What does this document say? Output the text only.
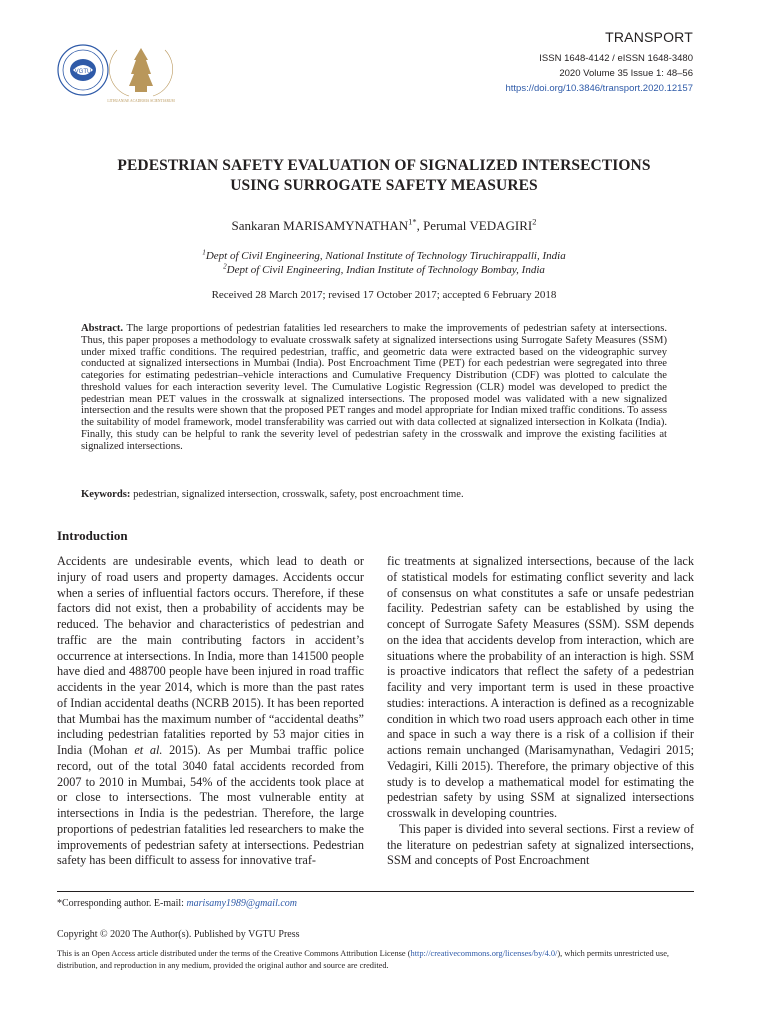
VGTU
LITHUANIAE ACADEMIA SCIENTIARUM
TRANSPORT
ISSN 1648-4142 / eISSN 1648-3480
2020 Volume 35 Issue 1: 48–56
https://doi.org/10.3846/transport.2020.12157
PEDESTRIAN SAFETY EVALUATION OF SIGNALIZED INTERSECTIONS
USING SURROGATE SAFETY MEASURES
Sankaran $MARISAMYNATHAN^{1*}$, Perumal VEDAGIRI$^2$
$^1$Dept of Civil Engineering, National Institute of Technology Tiruchirappalli, India
$^2$Dept of Civil Engineering, Indian Institute of Technology Bombay, India
Received 28 March 2017; revised 17 October 2017; accepted 6 February 2018
Abstract. The large proportions of pedestrian fatalities led researchers to make the improvements of pedestrian safety at intersections. Thus, this paper proposes a methodology to evaluate crosswalk safety at signalized intersections using Surrogate Safety Measures (SSM) under mixed traffic conditions. The required pedestrian, traffic, and geometric data were extracted based on the videographic survey conducted at signalized intersections in Mumbai (India). Post Encroachment Time (PET) for each pedestrian were segregated into three categories for estimating pedestrian–vehicle interactions and Cumulative Frequency Distribution (CDF) was plotted to calculate the threshold values for each interaction severity level. The Cumulative Logistic Regression (CLR) model was developed to predict the pedestrian mean PET values in the crosswalk at signalized intersections. The proposed model was validated with a new signalized intersection and the results were shown that the proposed PET ranges and model appropriate for Indian mixed traffic conditions. To assess the suitability of model framework, model transferability was carried out with data collected at signalized intersection in Kolkata (India). Finally, this study can be helpful to rank the severity level of pedestrian safety in the crosswalk and improve the existing facilities at signalized intersections.
Keywords: pedestrian, signalized intersection, crosswalk, safety, post encroachment time.
Introduction

Accidents are undesirable events, which lead to death or injury of road users and property damages. Accidents occur when a series of influential factors occurs. Therefore, if these factors did not exist, then a probability of accidents may be reduced. The behavior and characteristics of pedestrian and traffic are the main contributing factors in accident’s occurrence at intersections. In India, more than 141500 people have died and 488700 people have been injured in road traffic accidents in the year 2014, which is more than the past rates of Indian accidental deaths (NCRB 2015). It has been reported that Mumbai has the maximum number of “accidental deaths” including pedestrian fatalities reported by 53 major cities in India (Mohan et al. 2015). As per Mumbai traffic police record, out of the total 3040 fatal accidents recorded from 2007 to 2010 in Mumbai, 54% of the accidents took place at or close to intersections. The most vulnerable entity at intersections in India is the pedestrian. Therefore, the large proportions of pedestrian fatalities led researchers to make the improvements of pedestrian safety at intersections. Pedestrian safety has been difficult to assess for innovative traf-

fic treatments at signalized intersections, because of the lack of statistical models for estimating conflict severity and lack of consensus on what constitutes a safe or unsafe pedestrian facility. Pedestrian safety can be established by using the concept of Surrogate Safety Measures (SSM). SSM depends on the idea that accidents develop from interaction, which are situations where the probability of an interaction is high. SSM is proactive indicators that reflect the safety of a pedestrian facility and very important term is used in these proactive studies: interactions. A interaction is defined as a recognizable condition in which two road users approach each other in time and space in such a way there is a risk of a collision if their actions remain unchanged (Marisamynathan, Vedagiri 2015; Vedagiri, Killi 2015). Therefore, the primary objective of this study is to develop a mathematical model for estimating the pedestrian safety by using SSM at signalized intersections crosswalk in developing countries.

This paper is divided into several sections. First a review of the literature on pedestrian safety at signalized intersections, SSM and concepts of Post Encroachment

*Corresponding author. E-mail: marisamy1989@gmail.com
Copyright © 2020 The Author(s). Published by VGTU Press
This is an Open Access article distributed under the terms of the Creative Commons Attribution License (http://creativecommons.org/licenses/by/4.0/), which permits unrestricted use, distribution, and reproduction in any medium, provided the original author and source are credited.
